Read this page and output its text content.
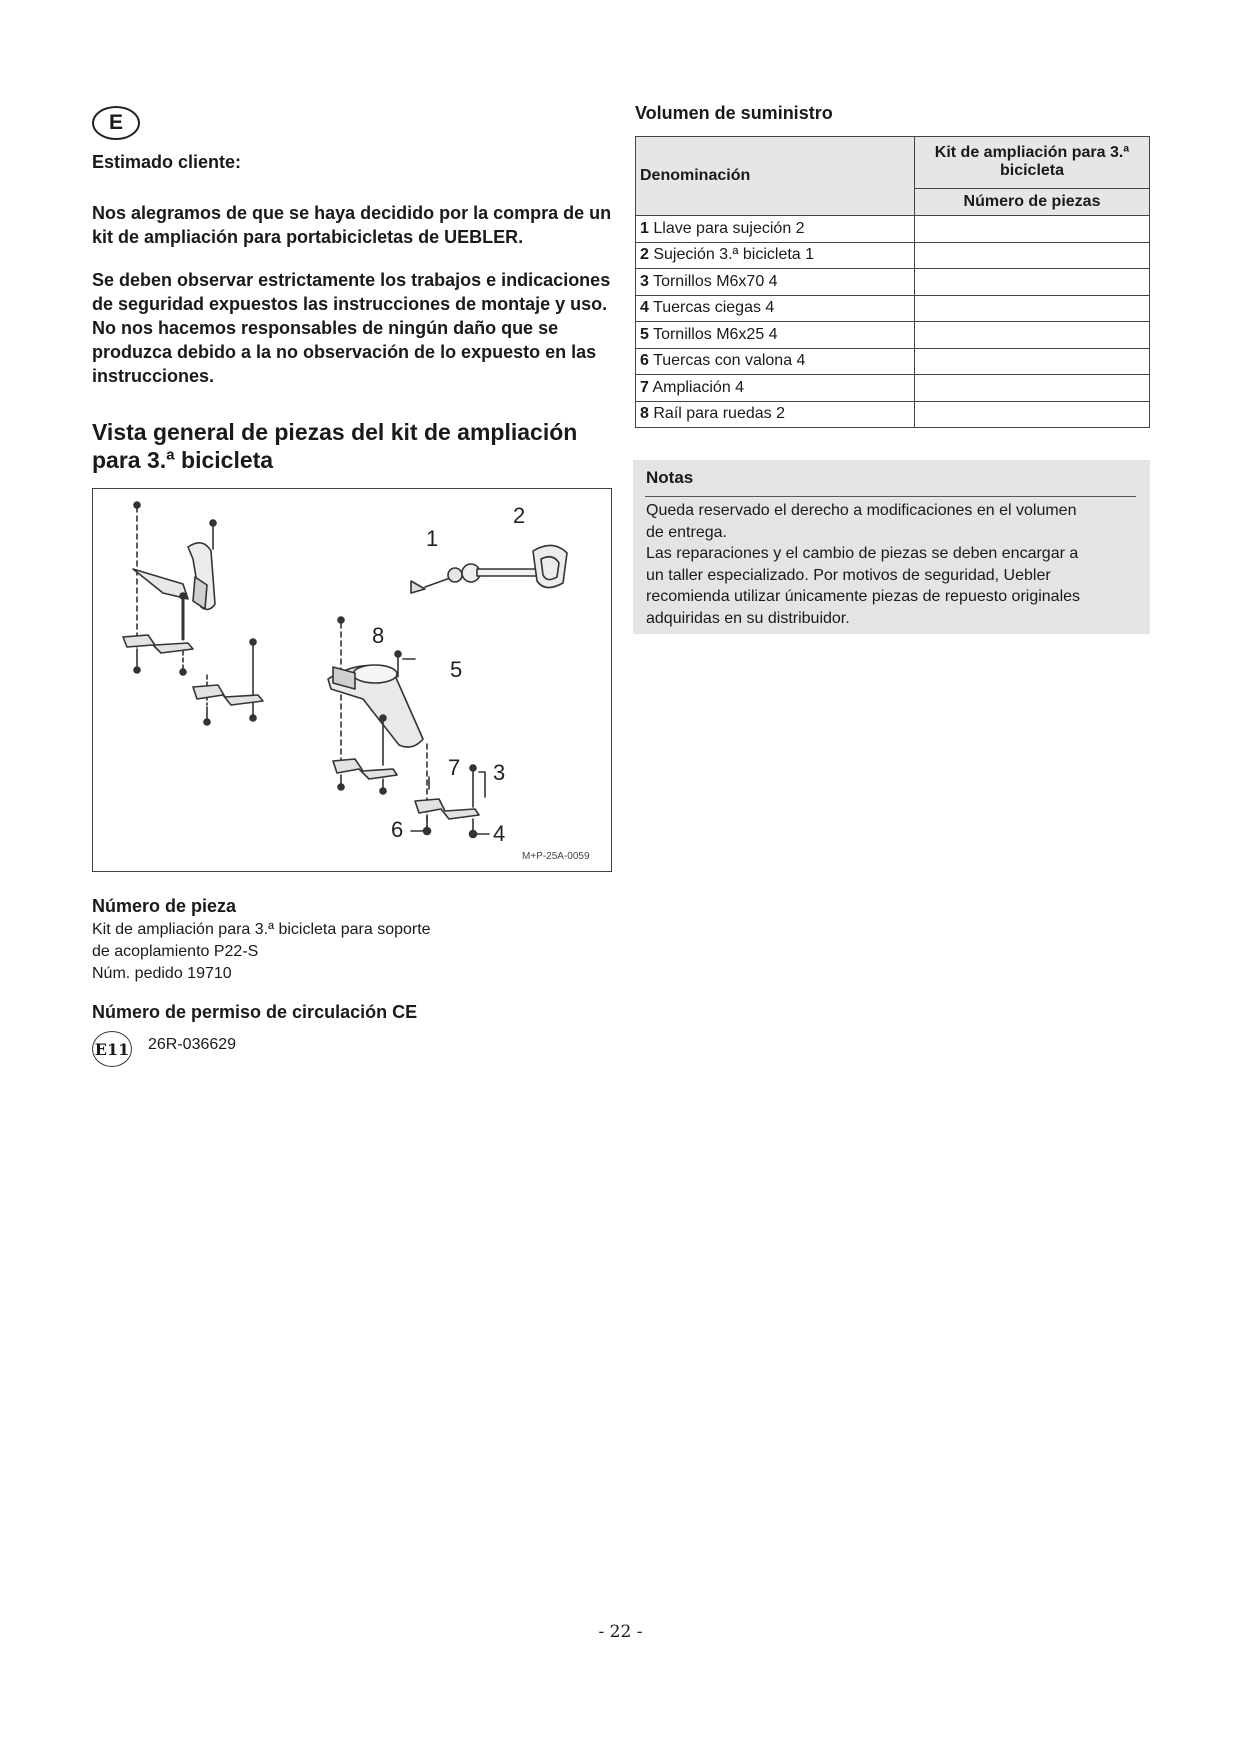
E
Estimado cliente:
Nos alegramos de que se haya decidido por la compra de un kit de ampliación para portabicicletas de UEBLER.
Se deben observar estrictamente los trabajos e indicaciones de seguridad expuestos las instrucciones de montaje y uso. No nos hacemos responsables de ningún daño que se produzca debido a la no observación de lo expuesto en las instrucciones.
Vista general de piezas del kit de ampliación para 3.ª bicicleta
1
2
3
4
5
6
7
8
M+P-25A-0059
Número de pieza
Kit de ampliación para 3.ª bicicleta para soporte
de acoplamiento P22-S
Núm. pedido 19710
Número de permiso de circulación CE
E11 26R-036629
Volumen de suministro
Denominación	Kit de ampliación para 3.ª bicicleta
	Número de piezas
1 Llave para sujeción 2	
2 Sujeción 3.ª bicicleta 1	
3 Tornillos M6x70 4	
4 Tuercas ciegas 4	
5 Tornillos M6x25 4	
6 Tuercas con valona 4	
7 Ampliación 4	
8 Raíl para ruedas 2	
Notas
Queda reservado el derecho a modificaciones en el volumen
de entrega.
Las reparaciones y el cambio de piezas se deben encargar a
un taller especializado. Por motivos de seguridad, Uebler
recomienda utilizar únicamente piezas de repuesto originales
adquiridas en su distribuidor.
- 22 -
